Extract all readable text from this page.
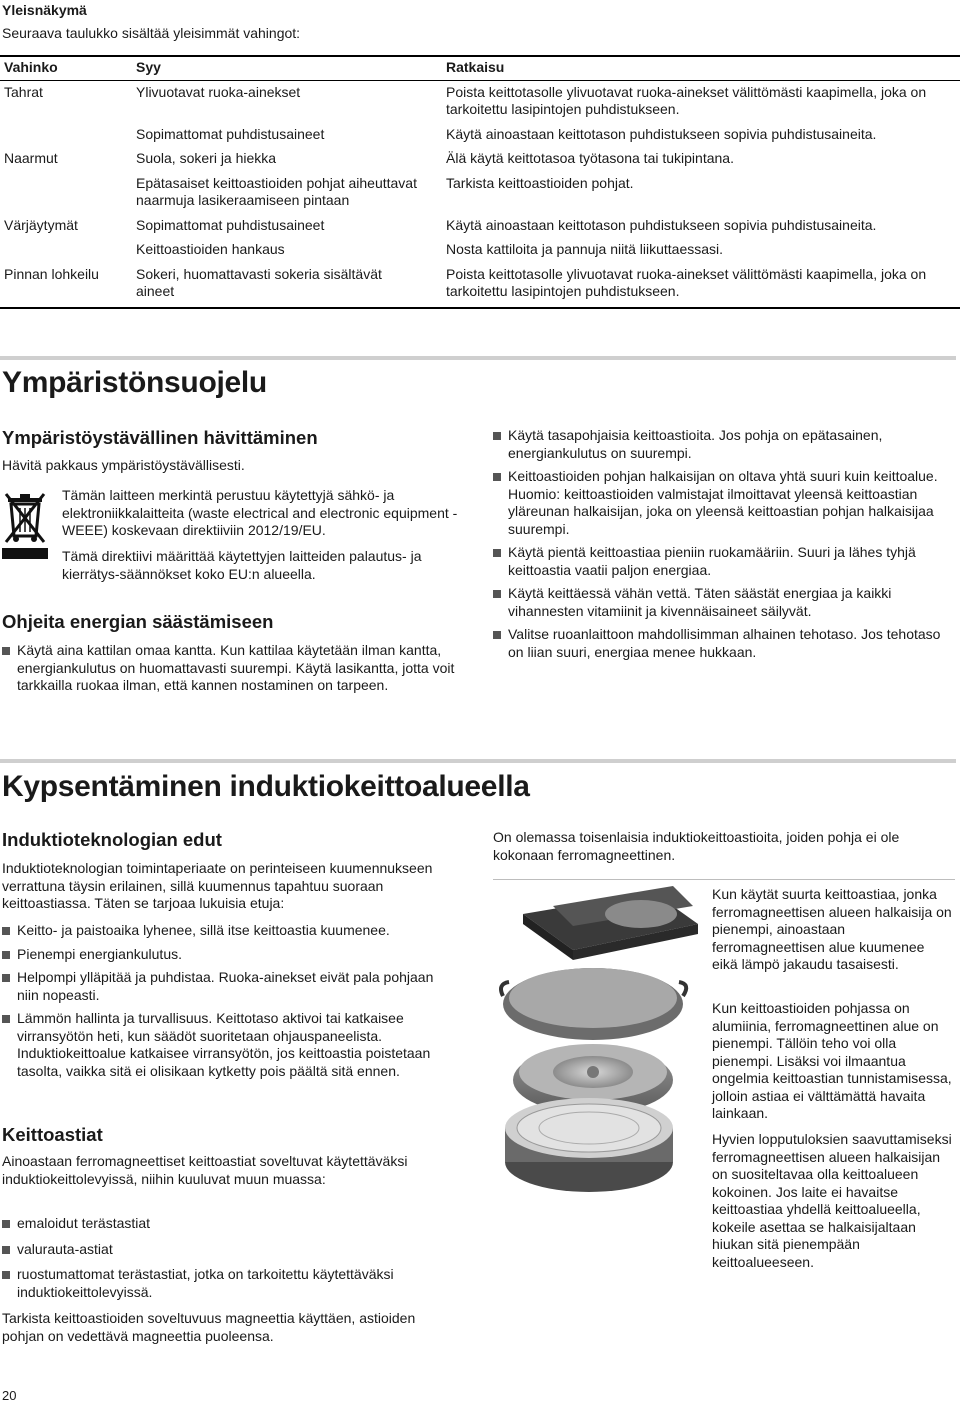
Yleisnäkymä
Seuraava taulukko sisältää yleisimmät vahingot:
Vahinko	Syy	Ratkaisu
Tahrat	Ylivuotavat ruoka-ainekset	Poista keittotasolle ylivuotavat ruoka-ainekset välittömästi kaapimella, joka on tarkoitettu lasipintojen puhdistukseen.
	Sopimattomat puhdistusaineet	Käytä ainoastaan keittotason puhdistukseen sopivia puhdistusaineita.
Naarmut	Suola, sokeri ja hiekka	Älä käytä keittotasoa työtasona tai tukipintana.
	Epätasaiset keittoastioiden pohjat aiheuttavat naarmuja lasikeraamiseen pintaan	Tarkista keittoastioiden pohjat.
Värjäytymät	Sopimattomat puhdistusaineet	Käytä ainoastaan keittotason puhdistukseen sopivia puhdistusaineita.
	Keittoastioiden hankaus	Nosta kattiloita ja pannuja niitä liikuttaessasi.
Pinnan lohkeilu	Sokeri, huomattavasti sokeria sisältävät aineet	Poista keittotasolle ylivuotavat ruoka-ainekset välittömästi kaapimella, joka on tarkoitettu lasipintojen puhdistukseen.
Ympäristönsuojelu
Ympäristöystävällinen hävittäminen
Hävitä pakkaus ympäristöystävällisesti.
Tämän laitteen merkintä perustuu käytettyjä sähkö- ja elektroniikkalaitteita (waste electrical and electronic equipment - WEEE) koskevaan direktiiviin 2012/19/EU.
Tämä direktiivi määrittää käytettyjen laitteiden palautus- ja kierrätys-säännökset koko EU:n alueella.
Ohjeita energian säästämiseen
Käytä aina kattilan omaa kantta. Kun kattilaa käytetään ilman kantta, energiankulutus on huomattavasti suurempi. Käytä lasikantta, jotta voit tarkkailla ruokaa ilman, että kannen nostaminen on tarpeen.
Käytä tasapohjaisia keittoastioita. Jos pohja on epätasainen, energiankulutus on suurempi.
Keittoastioiden pohjan halkaisijan on oltava yhtä suuri kuin keittoalue. Huomio: keittoastioiden valmistajat ilmoittavat yleensä keittoastian yläreunan halkaisijan, joka on yleensä keittoastian pohjan halkaisijaa suurempi.
Käytä pientä keittoastiaa pieniin ruokamääriin. Suuri ja lähes tyhjä keittoastia vaatii paljon energiaa.
Käytä keittäessä vähän vettä. Täten säästät energiaa ja kaikki vihannesten vitamiinit ja kivennäisaineet säilyvät.
Valitse ruoanlaittoon mahdollisimman alhainen tehotaso. Jos tehotaso on liian suuri, energiaa menee hukkaan.
Kypsentäminen induktiokeittoalueella
Induktioteknologian edut
Induktioteknologian toimintaperiaate on perinteiseen kuumennukseen verrattuna täysin erilainen, sillä kuumennus tapahtuu suoraan keittoastiassa. Täten se tarjoaa lukuisia etuja:
Keitto- ja paistoaika lyhenee, sillä itse keittoastia kuumenee.
Pienempi energiankulutus.
Helpompi ylläpitää ja puhdistaa. Ruoka-ainekset eivät pala pohjaan niin nopeasti.
Lämmön hallinta ja turvallisuus. Keittotaso aktivoi tai katkaisee virransyötön heti, kun säädöt suoritetaan ohjauspaneelista. Induktiokeittoalue katkaisee virransyötön, jos keittoastia poistetaan tasolta, vaikka sitä ei olisikaan kytketty pois päältä sitä ennen.
Keittoastiat
Ainoastaan ferromagneettiset keittoastiat soveltuvat käytettäväksi induktiokeittolevyissä, niihin kuuluvat muun muassa:
emaloidut terästastiat
valurauta-astiat
ruostumattomat terästastiat, jotka on tarkoitettu käytettäväksi induktiokeittolevyissä.
Tarkista keittoastioiden soveltuvuus magneettia käyttäen, astioiden pohjan on vedettävä magneettia puoleensa.
On olemassa toisenlaisia induktiokeittoastioita, joiden pohja ei ole kokonaan ferromagneettinen.
Kun käytät suurta keittoastiaa, jonka ferromagneettisen alueen halkaisija on pienempi, ainoastaan ferromagneettisen alue kuumenee eikä lämpö jakaudu tasaisesti.
Kun keittoastioiden pohjassa on alumiinia, ferromagneettinen alue on pienempi. Tällöin teho voi olla pienempi. Lisäksi voi ilmaantua ongelmia keittoastian tunnistamisessa, jolloin astiaa ei välttämättä havaita lainkaan.
Hyvien lopputuloksien saavuttamiseksi ferromagneettisen alueen halkaisijan on suositeltavaa olla keittoalueen kokoinen. Jos laite ei havaitse keittoastiaa yhdellä keittoalueella, kokeile asettaa se halkaisijaltaan hiukan sitä pienempään keittoalueeseen.
20
